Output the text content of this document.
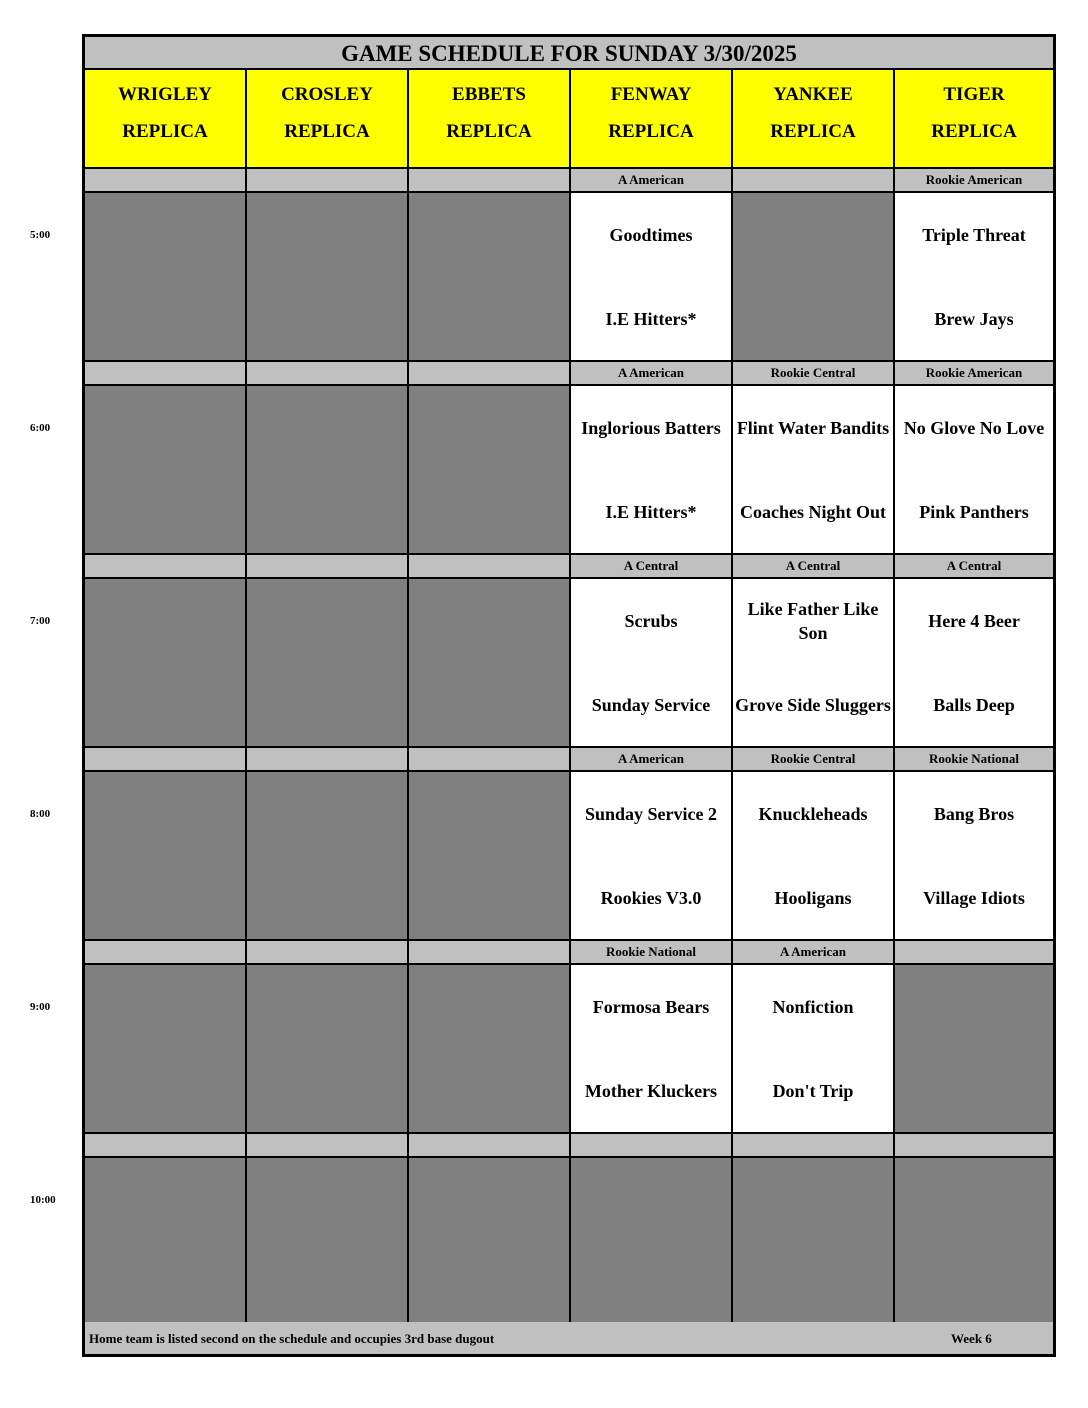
GAME SCHEDULE FOR SUNDAY 3/30/2025
WRIGLEY
REPLICA
CROSLEY
REPLICA
EBBETS
REPLICA
FENWAY
REPLICA
YANKEE
REPLICA
TIGER
REPLICA
A American
Goodtimes
I.E Hitters*
Rookie American
Triple Threat
Brew Jays
A American
Inglorious Batters
I.E Hitters*
Rookie Central
Flint Water Bandits
Coaches Night Out
Rookie American
No Glove No Love
Pink Panthers
A Central
Scrubs
Sunday Service
A Central
Like Father Like Son
Grove Side Sluggers
A Central
Here 4 Beer
Balls Deep
A American
Sunday Service 2
Rookies V3.0
Rookie Central
Knuckleheads
Hooligans
Rookie National
Bang Bros
Village Idiots
Rookie National
Formosa Bears
Mother Kluckers
A American
Nonfiction
Don't Trip
Home team is listed second on the schedule and occupies 3rd base dugout	Week 6
5:00
6:00
7:00
8:00
9:00
10:00
